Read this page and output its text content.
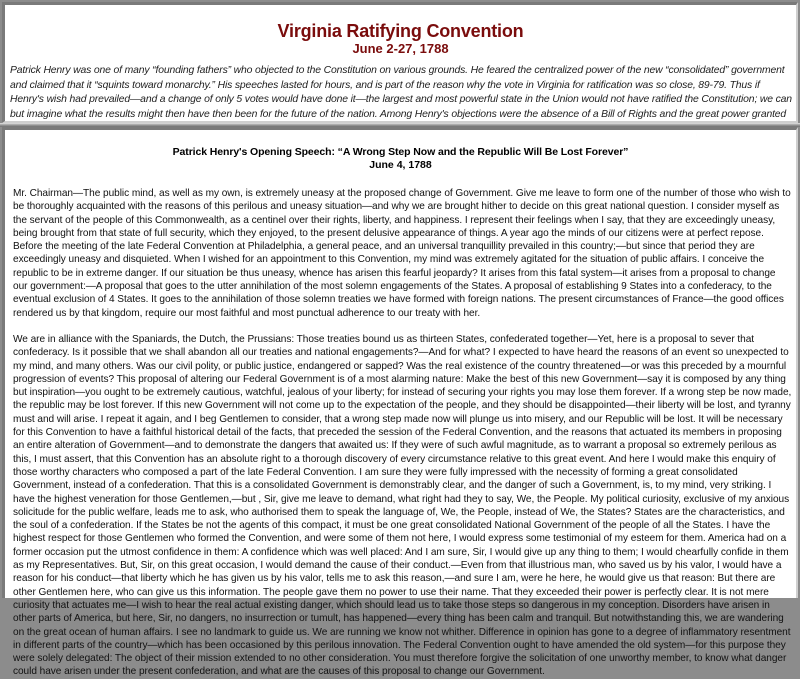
Virginia Ratifying Convention
June 2-27, 1788

Patrick Henry was one of many “founding fathers” who objected to the Constitution on various grounds. He feared the centralized power of the new “consolidated” government and claimed that it “squints toward monarchy.” His speeches lasted for hours, and is part of the reason why the vote in Virginia for ratification was so close, 89-79. Thus if Henry's wish had prevailed—and a change of only 5 votes would have done it—the largest and most powerful state in the Union would not have ratified the Constitution; we can but imagine what the results might then have then been for the future of the nation. Among Henry's objections were the absence of a Bill of Rights and the great power granted

Patrick Henry's Opening Speech: “A Wrong Step Now and the Republic Will Be Lost Forever”
June 4, 1788

Mr. Chairman—The public mind, as well as my own, is extremely uneasy at the proposed change of Government. Give me leave to form one of the number of those who wish to be thoroughly acquainted with the reasons of this perilous and uneasy situation—and why we are brought hither to decide on this great national question. I consider myself as the servant of the people of this Commonwealth, as a centinel over their rights, liberty, and happiness. I represent their feelings when I say, that they are exceedingly uneasy, being brought from that state of full security, which they enjoyed, to the present delusive appearance of things. A year ago the minds of our citizens were at perfect repose. Before the meeting of the late Federal Convention at Philadelphia, a general peace, and an universal tranquillity prevailed in this country;—but since that period they are exceedingly uneasy and disquieted. When I wished for an appointment to this Convention, my mind was extremely agitated for the situation of public affairs. I conceive the republic to be in extreme danger. If our situation be thus uneasy, whence has arisen this fearful jeopardy? It arises from this fatal system—it arises from a proposal to change our government:—A proposal that goes to the utter annihilation of the most solemn engagements of the States. A proposal of establishing 9 States into a confederacy, to the eventual exclusion of 4 States. It goes to the annihilation of those solemn treaties we have formed with foreign nations. The present circumstances of France—the good offices rendered us by that kingdom, require our most faithful and most punctual adherence to our treaty with her.

We are in alliance with the Spaniards, the Dutch, the Prussians: Those treaties bound us as thirteen States, confederated together—Yet, here is a proposal to sever that confederacy. Is it possible that we shall abandon all our treaties and national engagements?—And for what? I expected to have heard the reasons of an event so unexpected to my mind, and many others. Was our civil polity, or public justice, endangered or sapped? Was the real existence of the country threatened—or was this preceded by a mournful progression of events? This proposal of altering our Federal Government is of a most alarming nature: Make the best of this new Government—say it is composed by any thing but inspiration—you ought to be extremely cautious, watchful, jealous of your liberty; for instead of securing your rights you may lose them forever. If a wrong step be now made, the republic may be lost forever. If this new Government will not come up to the expectation of the people, and they should be disappointed—their liberty will be lost, and tyranny must and will arise. I repeat it again, and I beg Gentlemen to consider, that a wrong step made now will plunge us into misery, and our Republic will be lost. It will be necessary for this Convention to have a faithful historical detail of the facts, that preceded the session of the Federal Convention, and the reasons that actuated its members in proposing an entire alteration of Government—and to demonstrate the dangers that awaited us: If they were of such awful magnitude, as to warrant a proposal so extremely perilous as this, I must assert, that this Convention has an absolute right to a thorough discovery of every circumstance relative to this great event. And here I would make this enquiry of those worthy characters who composed a part of the late Federal Convention. I am sure they were fully impressed with the necessity of forming a great consolidated Government, instead of a confederation. That this is a consolidated Government is demonstrably clear, and the danger of such a Government, is, to my mind, very striking. I have the highest veneration for those Gentlemen,—but , Sir, give me leave to demand, what right had they to say, We, the People. My political curiosity, exclusive of my anxious solicitude for the public welfare, leads me to ask, who authorised them to speak the language of, We, the People, instead of We, the States? States are the characteristics, and the soul of a confederation. If the States be not the agents of this compact, it must be one great consolidated National Government of the people of all the States. I have the highest respect for those Gentlemen who formed the Convention, and were some of them not here, I would express some testimonial of my esteem for them. America had on a former occasion put the utmost confidence in them: A confidence which was well placed: And I am sure, Sir, I would give up any thing to them; I would chearfully confide in them as my Representatives. But, Sir, on this great occasion, I would demand the cause of their conduct.—Even from that illustrious man, who saved us by his valor, I would have a reason for his conduct—that liberty which he has given us by his valor, tells me to ask this reason,—and sure I am, were he here, he would give us that reason: But there are other Gentlemen here, who can give us this information. The people gave them no power to use their name. That they exceeded their power is perfectly clear. It is not mere curiosity that actuates me—I wish to hear the real actual existing danger, which should lead us to take those steps so dangerous in my conception. Disorders have arisen in other parts of America, but here, Sir, no dangers, no insurrection or tumult, has happened—every thing has been calm and tranquil. But notwithstanding this, we are wandering on the great ocean of human affairs. I see no landmark to guide us. We are running we know not whither. Difference in opinion has gone to a degree of inflammatory resentment in different parts of the country—which has been occasioned by this perilous innovation. The Federal Convention ought to have amended the old system—for this purpose they were solely delegated: The object of their mission extended to no other consideration. You must therefore forgive the solicitation of one unworthy member, to know what danger could have arisen under the present confederation, and what are the causes of this proposal to change our Government.
